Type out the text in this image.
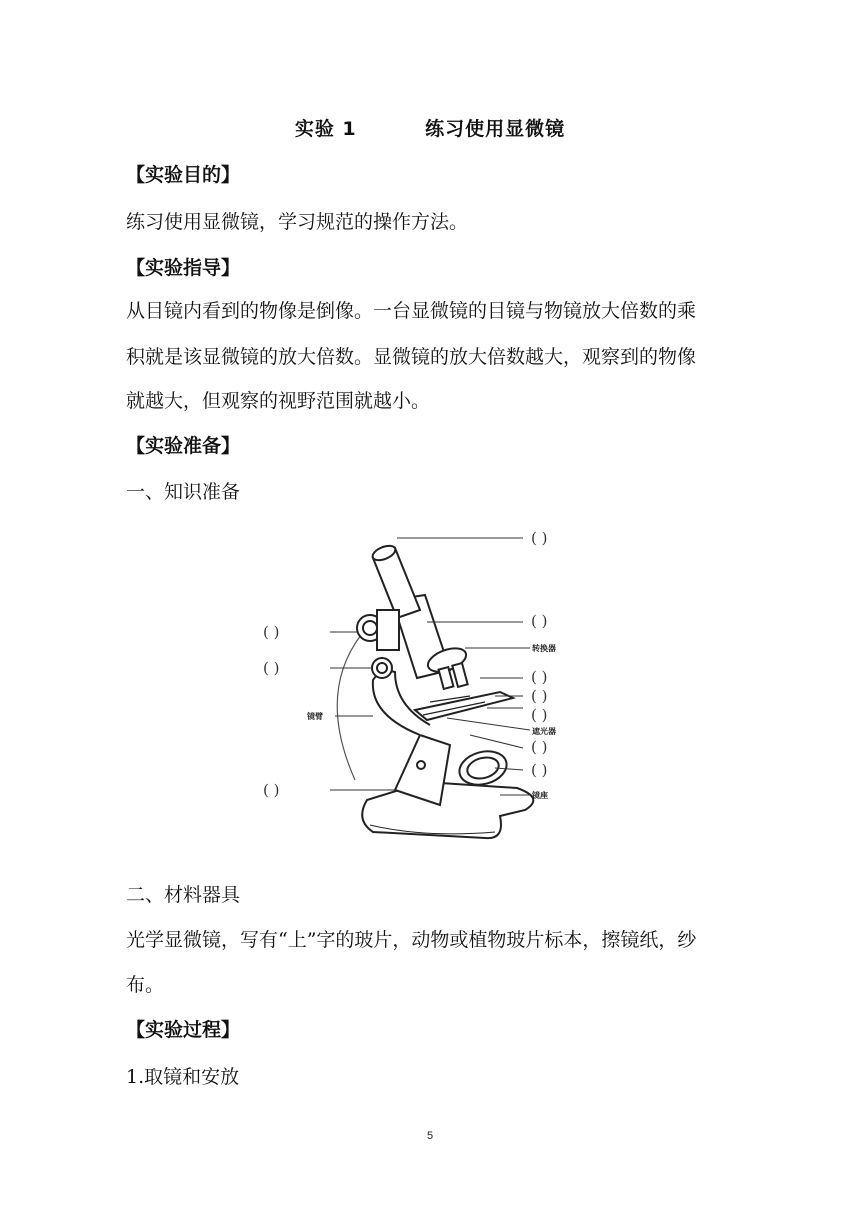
实验 1         练习使用显微镜
【实验目的】
练习使用显微镜，学习规范的操作方法。
【实验指导】
从目镜内看到的物像是倒像。一台显微镜的目镜与物镜放大倍数的乘
积就是该显微镜的放大倍数。显微镜的放大倍数越大，观察到的物像
就越大，但观察的视野范围就越小。
【实验准备】
一、知识准备
转换器
镜臂
遮光器
镜座
( )
( )
( )
( )
( )
( )
( )
( )
( )
( )
二、材料器具
光学显微镜，写有“上”字的玻片，动物或植物玻片标本，擦镜纸，纱
布。
【实验过程】
1.取镜和安放
5
